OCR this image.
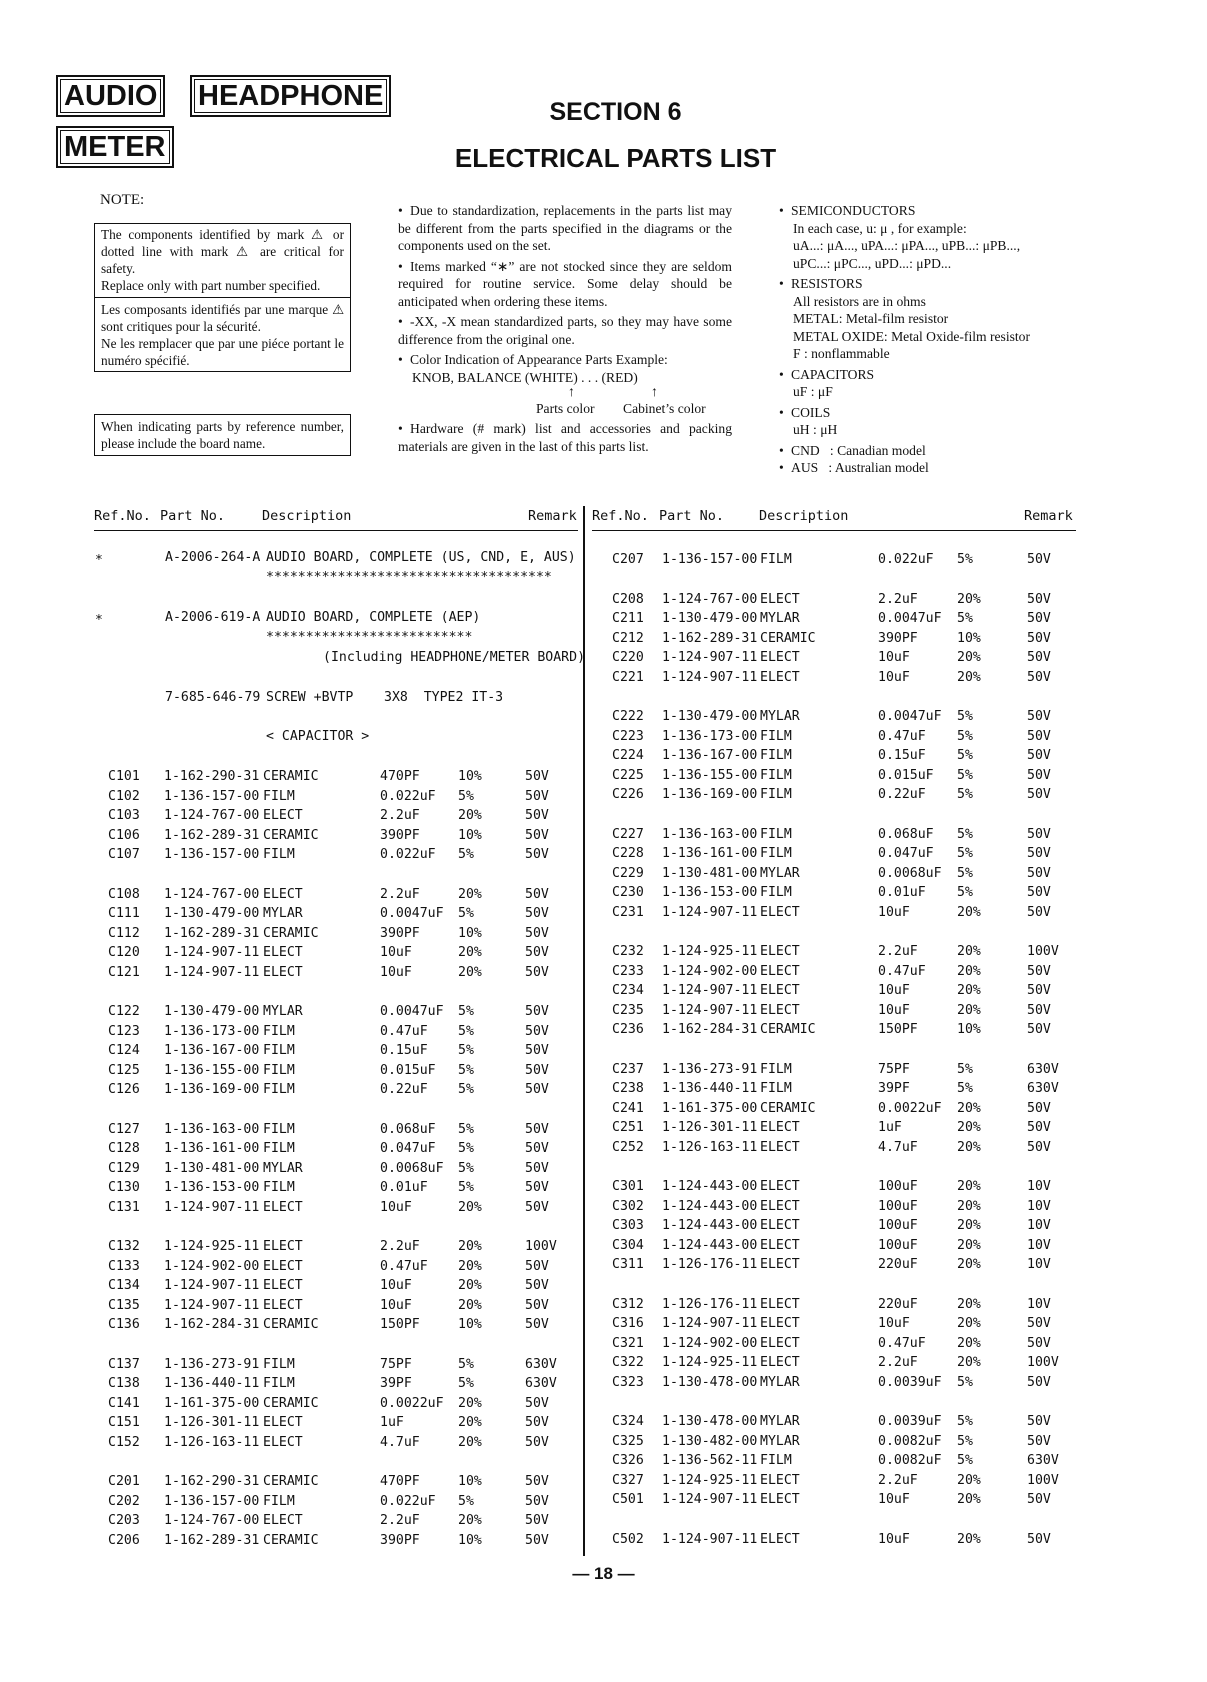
AUDIO HEADPHONE
METER
SECTION 6
ELECTRICAL PARTS LIST
NOTE:

The components identified by mark ⚠ or dotted line with mark ⚠ are critical for safety.

Replace only with part number specified.

Les composants identifiés par une marque ⚠ sont critiques pour la sécurité.

Ne les remplacer que par une piéce portant le numéro spécifié.

When indicating parts by reference number, please include the board name.

• Due to standardization, replacements in the parts list may be different from the parts specified in the diagrams or the components used on the set.
• Items marked “∗” are not stocked since they are seldom required for routine service. Some delay should be anticipated when ordering these items.
• -XX, -X mean standardized parts, so they may have some difference from the original one.
• Color Indication of Appearance Parts Example:
KNOB, BALANCE (WHITE) . . . (RED)
↑	↑
Parts color Cabinet’s color
• Hardware (# mark) list and accessories and packing materials are given in the last of this parts list.
• SEMICONDUCTORS
In each case, u: μ , for example:
uA...: μA..., uPA...: μPA..., uPB...: μPB...,
uPC...: μPC..., uPD...: μPD...
• RESISTORS
All resistors are in ohms
METAL: Metal-film resistor
METAL OXIDE: Metal Oxide-film resistor
F : nonflammable
• CAPACITORS
uF : μF
• COILS
uH : μH
• CND   : Canadian model
• AUS   : Australian model
Ref.No. Part No.	Description	Remark Ref.No. Part No.	Description	Remark
∗	A-2006-264-A AUDIO BOARD, COMPLETE (US, CND, E, AUS)
************************************
∗	A-2006-619-A AUDIO BOARD, COMPLETE (AEP)
**************************
(Including HEADPHONE/METER BOARD)
7-685-646-79 SCREW +BVTP 3X8  TYPE2 IT-3
< CAPACITOR >
C101 1-162-290-31 CERAMIC	470PF	10%	50V
C102 1-136-157-00 FILM	0.022uF 5%	50V
C103 1-124-767-00 ELECT	2.2uF	20%	50V
C106 1-162-289-31 CERAMIC	390PF	10%	50V
C107 1-136-157-00 FILM	0.022uF 5%	50V
C108 1-124-767-00 ELECT	2.2uF	20%	50V
C111 1-130-479-00 MYLAR	0.0047uF 5%	50V
C112 1-162-289-31 CERAMIC	390PF	10%	50V
C120 1-124-907-11 ELECT	10uF	20%	50V
C121 1-124-907-11 ELECT	10uF	20%	50V
C122 1-130-479-00 MYLAR	0.0047uF 5%	50V
C123 1-136-173-00 FILM	0.47uF 5%	50V
C124 1-136-167-00 FILM	0.15uF 5%	50V
C125 1-136-155-00 FILM	0.015uF 5%	50V
C126 1-136-169-00 FILM	0.22uF 5%	50V
C127 1-136-163-00 FILM	0.068uF 5%	50V
C128 1-136-161-00 FILM	0.047uF 5%	50V
C129 1-130-481-00 MYLAR	0.0068uF 5%	50V
C130 1-136-153-00 FILM	0.01uF 5%	50V
C131 1-124-907-11 ELECT	10uF	20%	50V
C132 1-124-925-11 ELECT	2.2uF	20%	100V
C133 1-124-902-00 ELECT	0.47uF 20%	50V
C134 1-124-907-11 ELECT	10uF	20%	50V
C135 1-124-907-11 ELECT	10uF	20%	50V
C136 1-162-284-31 CERAMIC	150PF	10%	50V
C137 1-136-273-91 FILM	75PF	5%	630V
C138 1-136-440-11 FILM	39PF	5%	630V
C141 1-161-375-00 CERAMIC	0.0022uF 20%	50V
C151 1-126-301-11 ELECT	1uF	20%	50V
C152 1-126-163-11 ELECT	4.7uF	20%	50V
C201 1-162-290-31 CERAMIC	470PF	10%	50V
C202 1-136-157-00 FILM	0.022uF 5%	50V
C203 1-124-767-00 ELECT	2.2uF	20%	50V
C206 1-162-289-31 CERAMIC	390PF	10%	50V
C207 1-136-157-00 FILM	0.022uF 5%	50V
C208 1-124-767-00 ELECT	2.2uF	20%	50V
C211 1-130-479-00 MYLAR	0.0047uF 5%	50V
C212 1-162-289-31 CERAMIC	390PF	10%	50V
C220 1-124-907-11 ELECT	10uF	20%	50V
C221 1-124-907-11 ELECT	10uF	20%	50V
C222 1-130-479-00 MYLAR	0.0047uF 5%	50V
C223 1-136-173-00 FILM	0.47uF 5%	50V
C224 1-136-167-00 FILM	0.15uF 5%	50V
C225 1-136-155-00 FILM	0.015uF 5%	50V
C226 1-136-169-00 FILM	0.22uF 5%	50V
C227 1-136-163-00 FILM	0.068uF 5%	50V
C228 1-136-161-00 FILM	0.047uF 5%	50V
C229 1-130-481-00 MYLAR	0.0068uF 5%	50V
C230 1-136-153-00 FILM	0.01uF 5%	50V
C231 1-124-907-11 ELECT	10uF	20%	50V
C232 1-124-925-11 ELECT	2.2uF	20%	100V
C233 1-124-902-00 ELECT	0.47uF 20%	50V
C234 1-124-907-11 ELECT	10uF	20%	50V
C235 1-124-907-11 ELECT	10uF	20%	50V
C236 1-162-284-31 CERAMIC	150PF	10%	50V
C237 1-136-273-91 FILM	75PF	5%	630V
C238 1-136-440-11 FILM	39PF	5%	630V
C241 1-161-375-00 CERAMIC	0.0022uF 20%	50V
C251 1-126-301-11 ELECT	1uF	20%	50V
C252 1-126-163-11 ELECT	4.7uF	20%	50V
C301 1-124-443-00 ELECT	100uF	20%	10V
C302 1-124-443-00 ELECT	100uF	20%	10V
C303 1-124-443-00 ELECT	100uF	20%	10V
C304 1-124-443-00 ELECT	100uF	20%	10V
C311 1-126-176-11 ELECT	220uF	20%	10V
C312 1-126-176-11 ELECT	220uF	20%	10V
C316 1-124-907-11 ELECT	10uF	20%	50V
C321 1-124-902-00 ELECT	0.47uF 20%	50V
C322 1-124-925-11 ELECT	2.2uF	20%	100V
C323 1-130-478-00 MYLAR	0.0039uF 5%	50V
C324 1-130-478-00 MYLAR	0.0039uF 5%	50V
C325 1-130-482-00 MYLAR	0.0082uF 5%	50V
C326 1-136-562-11 FILM	0.0082uF 5%	630V
C327 1-124-925-11 ELECT	2.2uF	20%	100V
C501 1-124-907-11 ELECT	10uF	20%	50V
C502 1-124-907-11 ELECT	10uF	20%	50V
— 18 —
